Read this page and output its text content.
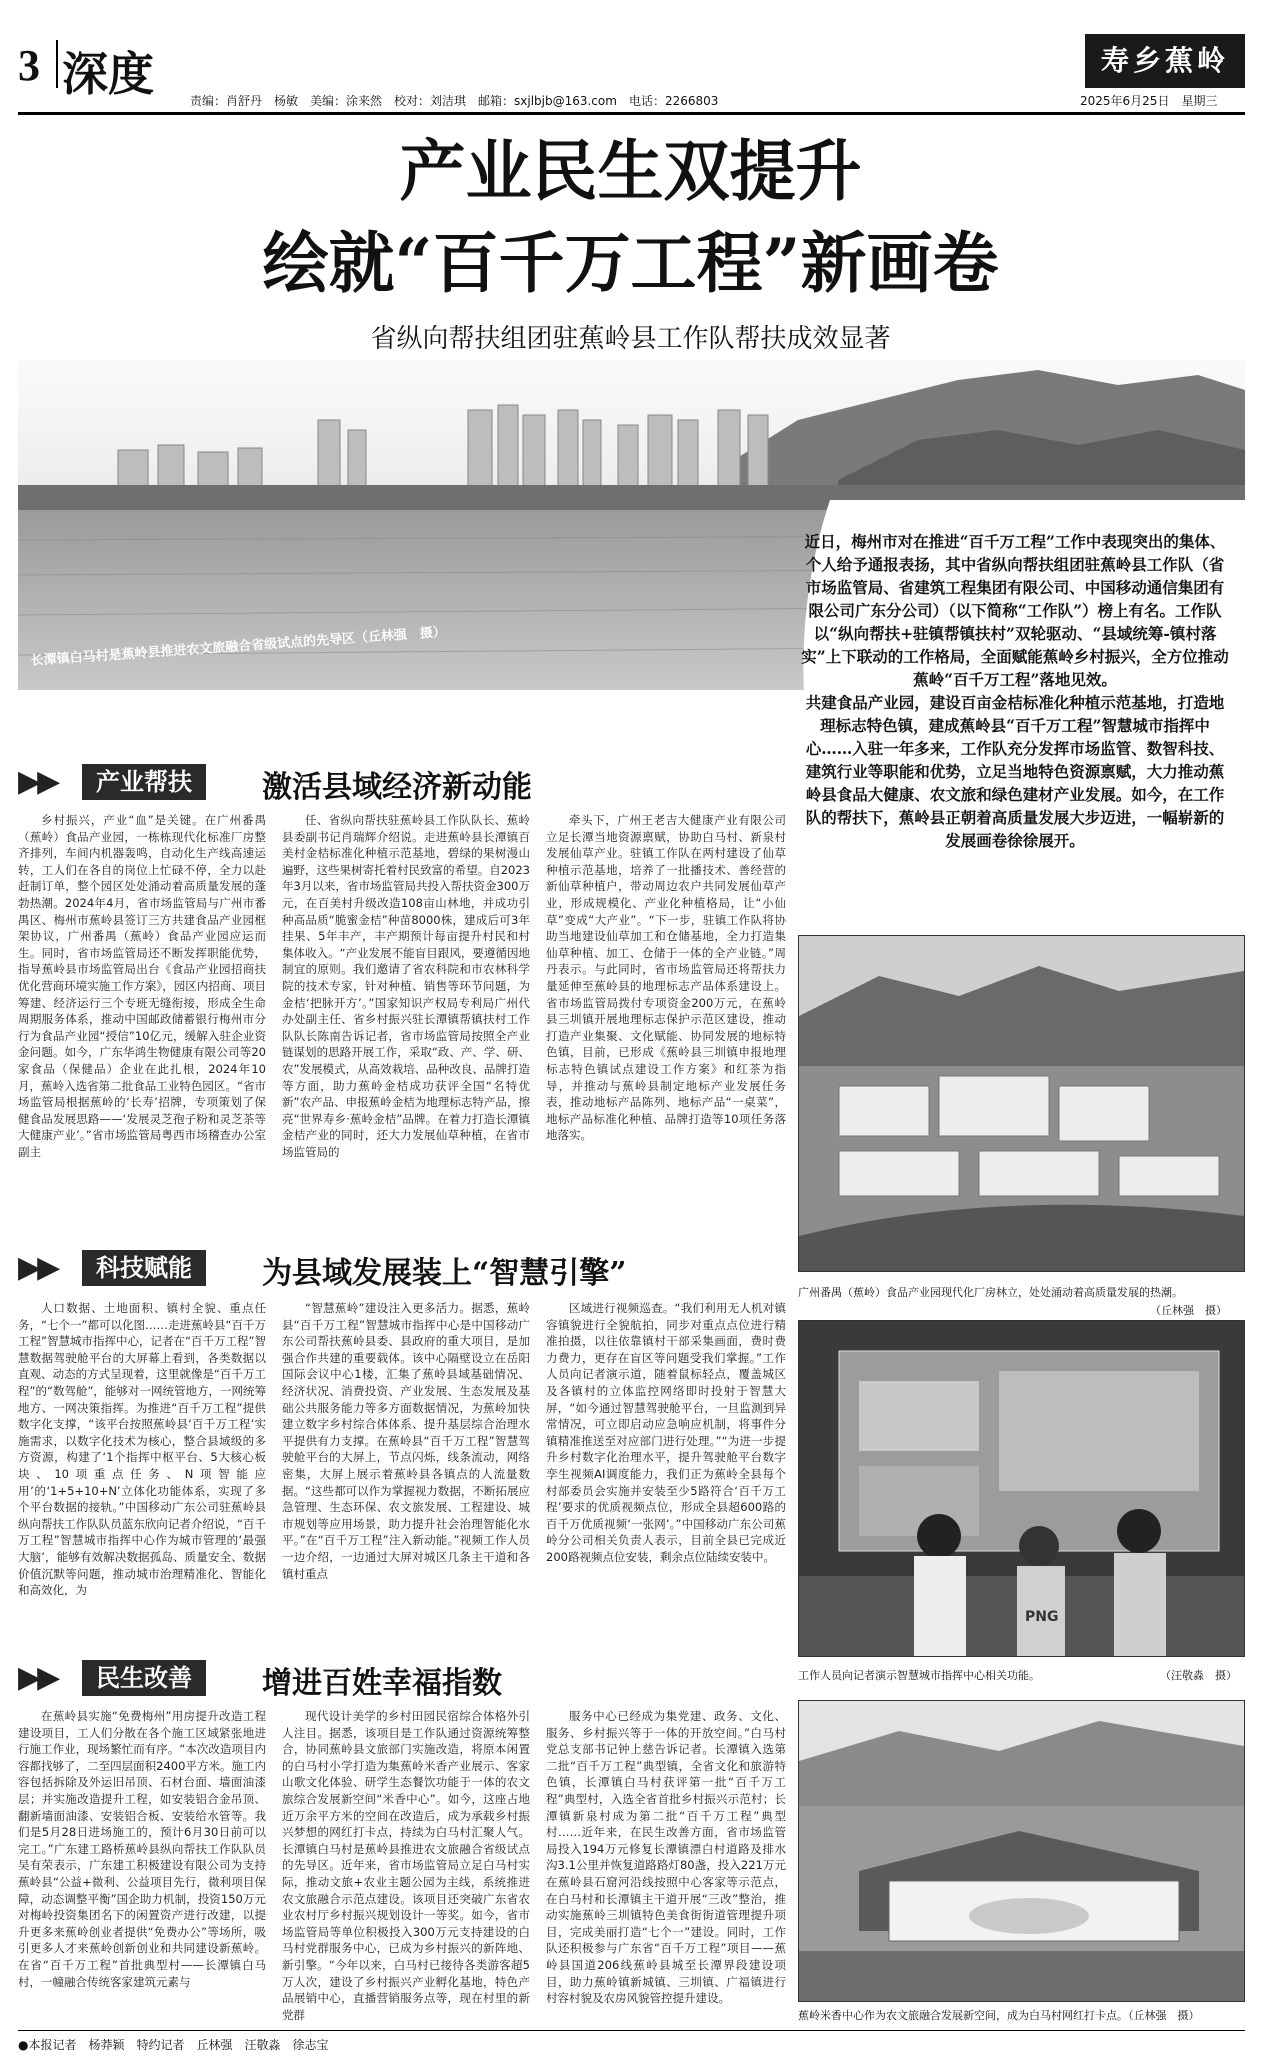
3 深度	责编：肖舒丹　杨敏　美编：涂来然　校对：刘洁琪　邮箱：sxjlbjb@163.com　电话：2266803
寿乡蕉岭
2025年6月25日　星期三
产业民生双提升
绘就“百千万工程”新画卷
省纵向帮扶组团驻蕉岭县工作队帮扶成效显著
长潭镇白马村是蕉岭县推进农文旅融合省级试点的先导区（丘林强　摄）

近日，梅州市对在推进“百千万工程”工作中表现突出的集体、个人给予通报表扬，其中省纵向帮扶组团驻蕉岭县工作队（省市场监管局、省建筑工程集团有限公司、中国移动通信集团有限公司广东分公司）（以下简称“工作队”）榜上有名。工作队以“纵向帮扶+驻镇帮镇扶村”双轮驱动、“县域统筹-镇村落实”上下联动的工作格局，全面赋能蕉岭乡村振兴，全方位推动蕉岭“百千万工程”落地见效。

共建食品产业园，建设百亩金桔标准化种植示范基地，打造地理标志特色镇，建成蕉岭县“百千万工程”智慧城市指挥中心……入驻一年多来，工作队充分发挥市场监管、数智科技、建筑行业等职能和优势，立足当地特色资源禀赋，大力推动蕉岭县食品大健康、农文旅和绿色建材产业发展。如今，在工作队的帮扶下，蕉岭县正朝着高质量发展大步迈进，一幅崭新的发展画卷徐徐展开。

▶▶	产业帮扶	激活县域经济新动能

乡村振兴，产业“血”是关键。在广州番禺（蕉岭）食品产业园，一栋栋现代化标准厂房整齐排列，车间内机器轰鸣，自动化生产线高速运转，工人们在各自的岗位上忙碌不停，全力以赴赶制订单，整个园区处处涌动着高质量发展的蓬勃热潮。2024年4月，省市场监管局与广州市番禺区、梅州市蕉岭县签订三方共建食品产业园框架协议，广州番禺（蕉岭）食品产业园应运而生。同时，省市场监管局还不断发挥职能优势，指导蕉岭县市场监管局出台《食品产业园招商扶优化营商环境实施工作方案》，园区内招商、项目筹建、经济运行三个专班无缝衔接，形成全生命周期服务体系，推动中国邮政储蓄银行梅州市分行为食品产业园“授信”10亿元，缓解入驻企业资金问题。如今，广东华鸿生物健康有限公司等20家食品（保健品）企业在此扎根，2024年10月，蕉岭入选省第二批食品工业特色园区。“省市场监管局根据蕉岭的‘长寿’招牌，专项策划了保健食品发展思路——‘发展灵芝孢子粉和灵芝茶等大健康产业’。”省市场监管局粤西市场稽查办公室副主

任、省纵向帮扶驻蕉岭县工作队队长、蕉岭县委副书记肖瑞辉介绍说。走进蕉岭县长潭镇百美村金桔标准化种植示范基地，碧绿的果树漫山遍野，这些果树寄托着村民致富的希望。自2023年3月以来，省市场监管局共投入帮扶资金300万元，在百美村升级改造108亩山林地，并成功引种高品质“脆蜜金桔”种苗8000株，建成后可3年挂果、5年丰产，丰产期预计每亩提升村民和村集体收入。“产业发展不能盲目跟风，要遵循因地制宜的原则。我们邀请了省农科院和市农林科学院的技术专家，针对种植、销售等环节问题，为金桔‘把脉开方’。”国家知识产权局专利局广州代办处副主任、省乡村振兴驻长潭镇帮镇扶村工作队队长陈南告诉记者，省市场监管局按照全产业链谋划的思路开展工作，采取“政、产、学、研、农”发展模式，从高效栽培、品种改良、品牌打造等方面，助力蕉岭金桔成功获评全国“名特优新”农产品、申报蕉岭金桔为地理标志特产品，擦亮“世界寿乡·蕉岭金桔”品牌。在着力打造长潭镇金桔产业的同时，还大力发展仙草种植，在省市场监管局的

牵头下，广州王老吉大健康产业有限公司立足长潭当地资源禀赋，协助白马村、新泉村发展仙草产业。驻镇工作队在两村建设了仙草种植示范基地，培养了一批播技术、善经营的新仙草种植户，带动周边农户共同发展仙草产业，形成规模化、产业化种植格局，让“小仙草”变成“大产业”。“下一步，驻镇工作队将协助当地建设仙草加工和仓储基地，全力打造集仙草种植、加工、仓储于一体的全产业链。”周丹表示。与此同时，省市场监管局还将帮扶力量延伸至蕉岭县的地理标志产品体系建设上。省市场监管局拨付专项资金200万元，在蕉岭县三圳镇开展地理标志保护示范区建设，推动打造产业集聚、文化赋能、协同发展的地标特色镇，目前，已形成《蕉岭县三圳镇申报地理标志特色镇试点建设工作方案》和红茶为指导，并推动与蕉岭县制定地标产业发展任务表，推动地标产品陈列、地标产品“一桌菜”，地标产品标准化种植、品牌打造等10项任务落地落实。

广州番禺（蕉岭）食品产业园现代化厂房林立，处处涌动着高质量发展的热潮。
（丘林强　摄）
▶▶	科技赋能	为县域发展装上“智慧引擎”

人口数据、土地面积、镇村全貌、重点任务，“七个一”都可以化图……走进蕉岭县“百千万工程”智慧城市指挥中心，记者在“百千万工程”智慧数据驾驶舱平台的大屏幕上看到，各类数据以直观、动态的方式呈现着，这里就像是“百千万工程”的“数驾舱”，能够对一网统管地方，一网统筹地方、一网决策指挥。为推进“百千万工程”提供数字化支撑，“该平台按照蕉岭县‘百千万工程’实施需求，以数字化技术为核心，整合县域级的多方资源，构建了‘1个指挥中枢平台、5大核心板块、10项重点任务、N项智能应用’的‘1+5+10+N’立体化功能体系，实现了多个平台数据的接轨。”中国移动广东公司驻蕉岭县纵向帮扶工作队队员蓝东欣向记者介绍说，“百千万工程”智慧城市指挥中心作为城市管理的‘最强大脑’，能够有效解决数据孤岛、质量安全、数据价值沉默等问题，推动城市治理精准化、智能化和高效化，为

“智慧蕉岭”建设注入更多活力。据悉，蕉岭县“百千万工程”智慧城市指挥中心是中国移动广东公司帮扶蕉岭县委、县政府的重大项目，是加强合作共建的重要载体。该中心隔壁设立在岳阳国际会议中心1楼，汇集了蕉岭县域基础情况、经济状况、消费投资、产业发展、生态发展及基础公共服务能力等多方面数据情况，为蕉岭加快建立数字乡村综合体体系、提升基层综合治理水平提供有力支撑。在蕉岭县“百千万工程”智慧驾驶舱平台的大屏上，节点闪烁，线条流动，网络密集，大屏上展示着蕉岭县各镇点的人流量数据。“这些都可以作为掌握视力数据，不断拓展应急管理、生态环保、农文旅发展、工程建设、城市规划等应用场景，助力提升社会治理智能化水平。”在“百千万工程”注入新动能。”视频工作人员一边介绍，一边通过大屏对城区几条主干道和各镇村重点

区域进行视频巡查。“我们利用无人机对镇容镇貌进行全貌航拍，同步对重点点位进行精准拍摄，以往依靠镇村干部采集画面，费时费力费力，更存在盲区等问题受我们掌握。”工作人员向记者演示道，随着鼠标轻点，覆盖城区及各镇村的立体监控网络即时投射于智慧大屏，“如今通过智慧驾驶舱平台，一旦监测到异常情况，可立即启动应急响应机制，将事件分镇精准推送至对应部门进行处理。”“为进一步提升乡村数字化治理水平，提升驾驶舱平台数字孪生视频AI调度能力，我们正为蕉岭全县每个村部委员会实施并安装至少5路符合‘百千万工程’要求的优质视频点位，形成全县超600路的百千万优质视频‘一张网’。”中国移动广东公司蕉岭分公司相关负责人表示，目前全县已完成近200路视频点位安装，剩余点位陆续安装中。

PNG
工作人员向记者演示智慧城市指挥中心相关功能。	（汪敬淼　摄）
▶▶	民生改善	增进百姓幸福指数

在蕉岭县实施“免费梅州”用房提升改造工程建设项目，工人们分散在各个施工区域紧张地进行施工作业，现场繁忙而有序。“本次改造项目内容都找够了，二至四层面积2400平方米。施工内容包括拆除及外运旧吊顶、石材台面、墙面油漆层；并实施改造提升工程，如安装铝合金吊顶、翻新墙面油漆、安装铝合板、安装给水管等。我们是5月28日进场施工的，预计6月30日前可以完工。”广东建工路桥蕉岭县纵向帮扶工作队队员吴有荣表示，广东建工积极建设有限公司为支持蕉岭县“公益+微利、公益项目先行，微利项目保障，动态调整平衡”国企助力机制，投资150万元对梅岭投资集团名下的闲置资产进行改建，以提升更多来蕉岭创业者提供“免费办公”等场所，吸引更多人才来蕉岭创新创业和共同建设新蕉岭。在省“百千万工程”首批典型村——长潭镇白马村，一幢融合传统客家建筑元素与

现代设计美学的乡村田园民宿综合体格外引人注目。据悉，该项目是工作队通过资源统筹整合，协同蕉岭县文旅部门实施改造，将原本闲置的白马村小学打造为集蕉岭米香产业展示、客家山歌文化体验、研学生态餐饮功能于一体的农文旅综合发展新空间“米香中心”。如今，这座占地近万余平方米的空间在改造后，成为承载乡村振兴梦想的网红打卡点，持续为白马村汇聚人气。长潭镇白马村是蕉岭县推进农文旅融合省级试点的先导区。近年来，省市场监管局立足白马村实际，推动文旅+农业主题公园为主线，系统推进农文旅融合示范点建设。该项目还突破广东省农业农村厅乡村振兴规划设计一等奖。如今，省市场监管局等单位积极投入300万元支持建设的白马村党群服务中心，已成为乡村振兴的新阵地、新引擎。“今年以来，白马村已接待各类游客超5万人次，建设了乡村振兴产业孵化基地，特色产品展销中心，直播营销服务点等，现在村里的新党群

服务中心已经成为集党建、政务、文化、服务、乡村振兴等于一体的开放空间。”白马村党总支部书记钟上慈告诉记者。长潭镇入选第二批“百千万工程”典型镇，全省文化和旅游特色镇，长潭镇白马村获评第一批“百千万工程”典型村，入选全省首批乡村振兴示范村；长潭镇新泉村成为第二批“百千万工程”典型村……近年来，在民生改善方面，省市场监管局投入194万元修复长潭镇漂白村道路及排水沟3.1公里并恢复道路路灯80盏，投入221万元在蕉岭县石窟河沿线按照中心客家等示范点，在白马村和长潭镇主干道开展“三改”整治，推动实施蕉岭三圳镇特色美食街街道管理提升项目，完成美丽打造“七个一”建设。同时，工作队还积极参与广东省“百千万工程”项目——蕉岭县国道206线蕉岭县城至长潭界段建设项目，助力蕉岭镇新城镇、三圳镇、广福镇进行村容村貌及农房风貌管控提升建设。

蕉岭米香中心作为农文旅融合发展新空间，成为白马村网红打卡点。（丘林强　摄）
●本报记者　杨莽颖　特约记者　丘林强　汪敬淼　徐志宝
